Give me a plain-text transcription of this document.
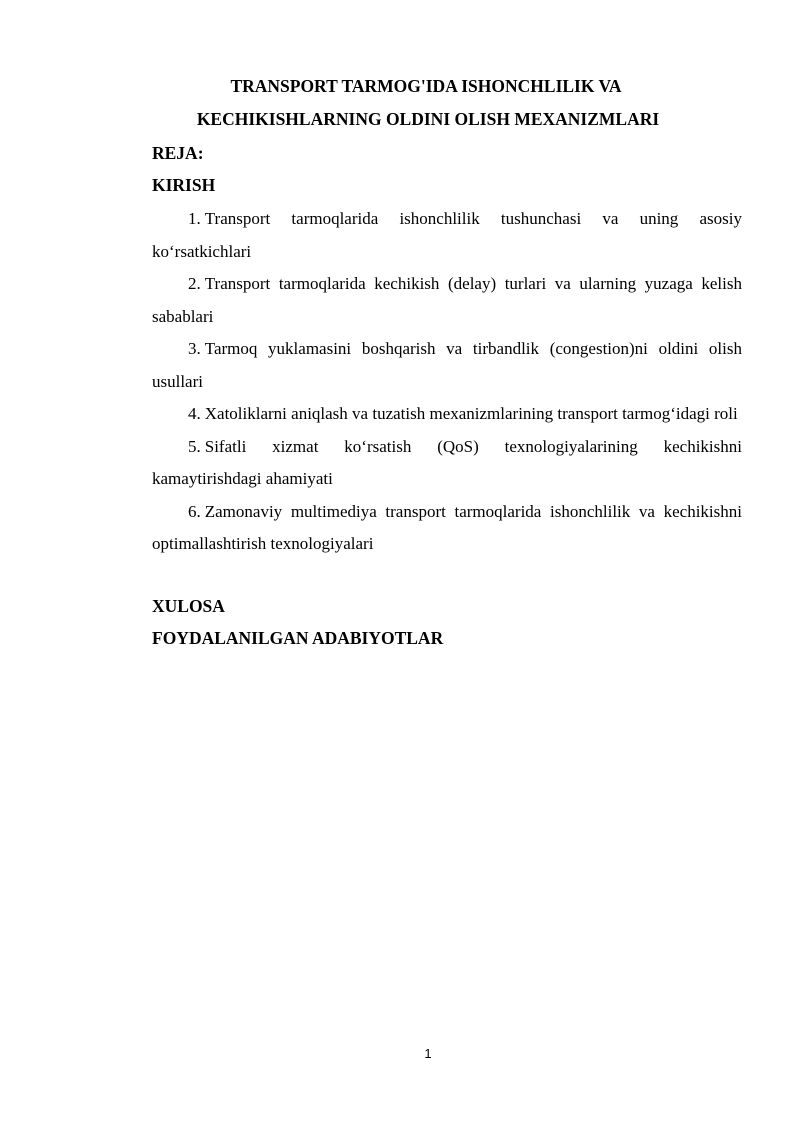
TRANSPORT TARMOG'IDA ISHONCHLILIK VA
KECHIKISHLARNING OLDINI OLISH MEXANIZMLARI
REJA:
KIRISH

1. Transport tarmoqlarida ishonchlilik tushunchasi va uning asosiy ko‘rsatkichlari

2. Transport tarmoqlarida kechikish (delay) turlari va ularning yuzaga kelish sabablari

3. Tarmoq yuklamasini boshqarish va tirbandlik (congestion)ni oldini olish usullari

4. Xatoliklarni aniqlash va tuzatish mexanizmlarining transport tarmog‘idagi roli

5. Sifatli xizmat ko‘rsatish (QoS) texnologiyalarining kechikishni kamaytirishdagi ahamiyati

6. Zamonaviy multimediya transport tarmoqlarida ishonchlilik va kechikishni optimallashtirish texnologiyalari

XULOSA
FOYDALANILGAN ADABIYOTLAR
1
